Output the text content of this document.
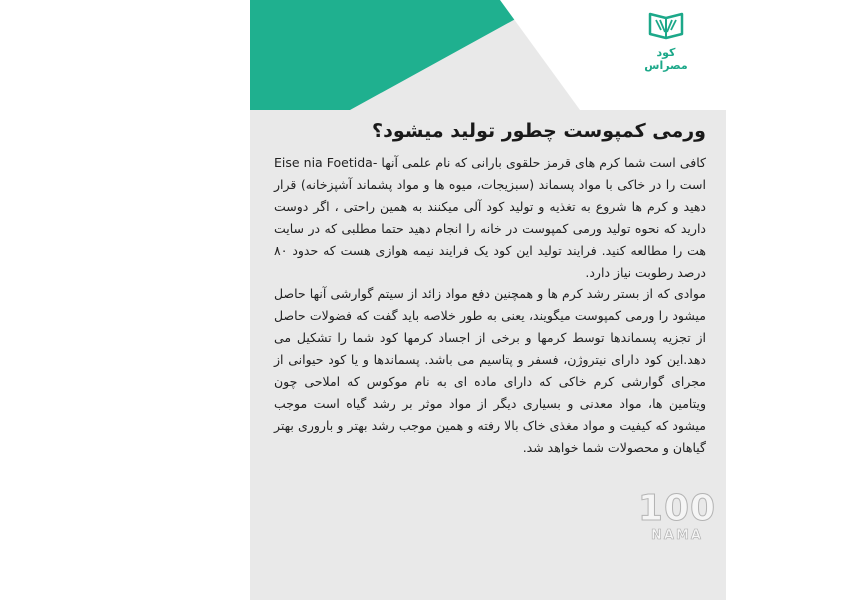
کود مصراس
ورمی کمپوست چطور تولید میشود؟

کافی است شما کرم های قرمز حلقوی بارانی که نام علمی آنها -Eise nia Foetida است را در خاکی با مواد پسماند (سبزیجات، میوه ها و مواد پشماند آشپزخانه) قرار دهید و کرم ها شروع به تغذیه و تولید کود آلی میکنند به همین راحتی ، اگر دوست دارید که نحوه تولید ورمی کمپوست در خانه را انجام دهید حتما مطلبی که در سایت هت را مطالعه کنید. فرایند تولید این کود یک فرایند نیمه هوازی هست که حدود ۸۰ درصد رطوبت نیاز دارد.

موادی که از بستر رشد کرم ها و همچنین دفع مواد زائد از سیتم گوارشی آنها حاصل میشود را ورمی کمپوست میگویند، یعنی به طور خلاصه باید گفت که فضولات حاصل از تجزیه پسماندها توسط کرمها و برخی از اجساد کرمها کود شما را تشکیل می دهد.این کود دارای نیتروژن، فسفر و پتاسیم می باشد. پسماندها و یا کود حیوانی از مجرای گوارشی کرم خاکی که دارای ماده ای به نام موکوس که املاحی چون ویتامین ها، مواد معدنی و بسیاری دیگر از مواد موثر بر رشد گیاه است موجب میشود که کیفیت و مواد مغذی خاک بالا رفته و همین موجب رشد بهتر و باروری بهتر گیاهان و محصولات شما خواهد شد.

100
NAMA
